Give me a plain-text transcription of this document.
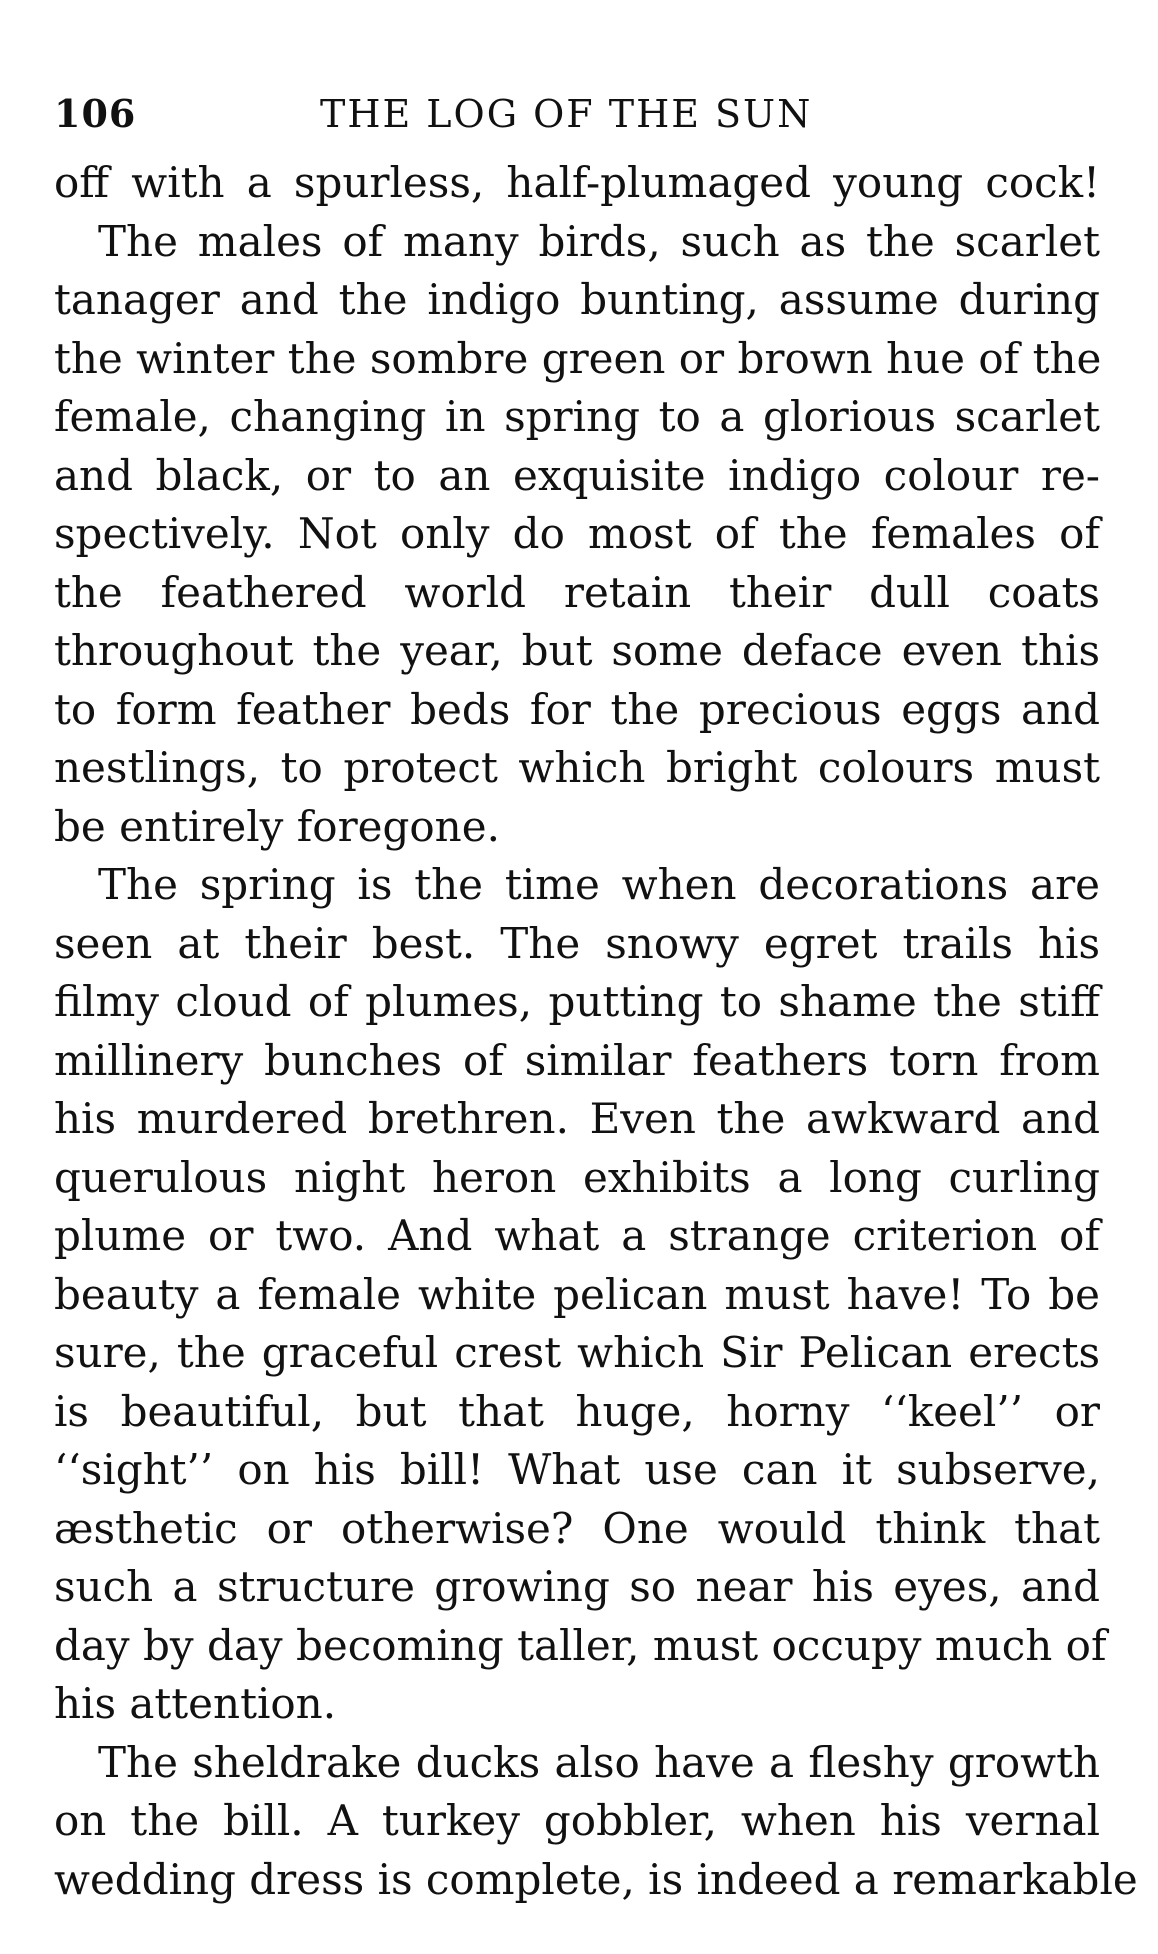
106	THE LOG OF THE SUN
off with a spurless, half-plumaged young cock!
The males of many birds, such as the scarlet
tanager and the indigo bunting, assume during
the winter the sombre green or brown hue of the
female, changing in spring to a glorious scarlet
and black, or to an exquisite indigo colour re-
spectively. Not only do most of the females of
the feathered world retain their dull coats
throughout the year, but some deface even this
to form feather beds for the precious eggs and
nestlings, to protect which bright colours must
be entirely foregone.
The spring is the time when decorations are
seen at their best. The snowy egret trails his
filmy cloud of plumes, putting to shame the stiff
millinery bunches of similar feathers torn from
his murdered brethren. Even the awkward and
querulous night heron exhibits a long curling
plume or two. And what a strange criterion of
beauty a female white pelican must have! To be
sure, the graceful crest which Sir Pelican erects
is beautiful, but that huge, horny ‘‘keel’’ or
‘‘sight’’ on his bill! What use can it subserve,
æsthetic or otherwise? One would think that
such a structure growing so near his eyes, and
day by day becoming taller, must occupy much of
his attention.
The sheldrake ducks also have a fleshy growth
on the bill. A turkey gobbler, when his vernal
wedding dress is complete, is indeed a remarkable
